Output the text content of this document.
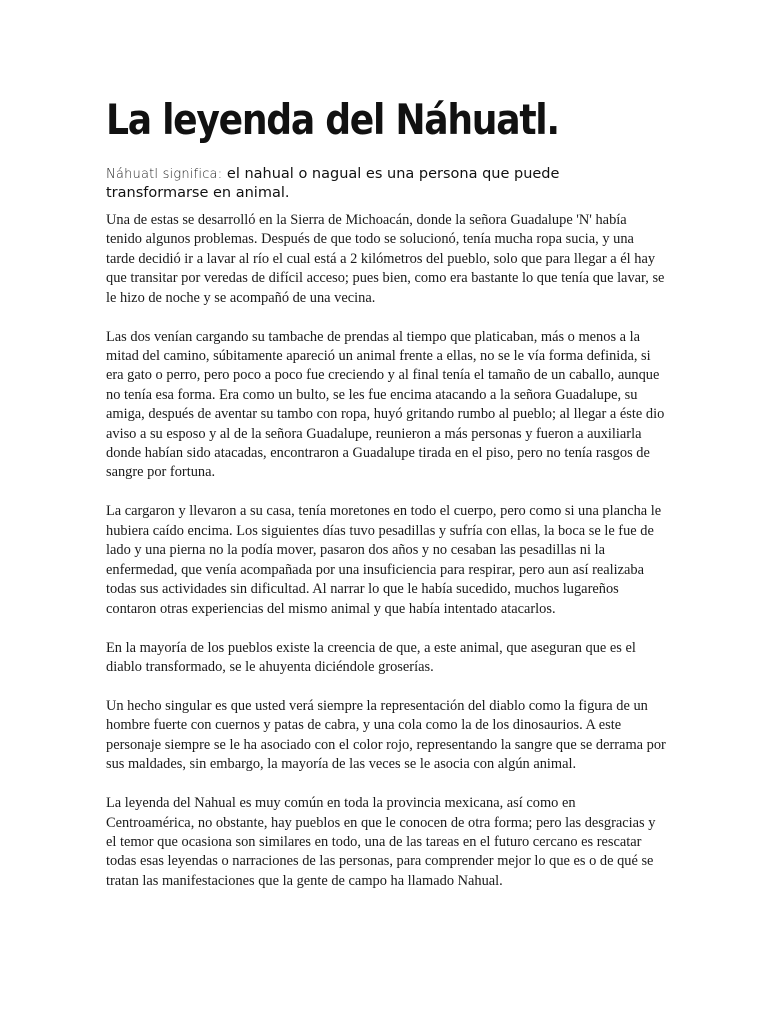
La leyenda del Náhuatl.

Náhuatl significa: el nahual o nagual es una persona que puede transformarse en animal.

Una de estas se desarrolló en la Sierra de Michoacán, donde la señora Guadalupe 'N' había tenido algunos problemas. Después de que todo se solucionó, tenía mucha ropa sucia, y una tarde decidió ir a lavar al río el cual está a 2 kilómetros del pueblo, solo que para llegar a él hay que transitar por veredas de difícil acceso; pues bien, como era bastante lo que tenía que lavar, se le hizo de noche y se acompañó de una vecina.

Las dos venían cargando su tambache de prendas al tiempo que platicaban, más o menos a la mitad del camino, súbitamente apareció un animal frente a ellas, no se le vía forma definida, si era gato o perro, pero poco a poco fue creciendo y al final tenía el tamaño de un caballo, aunque no tenía esa forma. Era como un bulto, se les fue encima atacando a la señora Guadalupe, su amiga, después de aventar su tambo con ropa, huyó gritando rumbo al pueblo; al llegar a éste dio aviso a su esposo y al de la señora Guadalupe, reunieron a más personas y fueron a auxiliarla donde habían sido atacadas, encontraron a Guadalupe tirada en el piso, pero no tenía rasgos de sangre por fortuna.

La cargaron y llevaron a su casa, tenía moretones en todo el cuerpo, pero como si una plancha le hubiera caído encima. Los siguientes días tuvo pesadillas y sufría con ellas, la boca se le fue de lado y una pierna no la podía mover, pasaron dos años y no cesaban las pesadillas ni la enfermedad, que venía acompañada por una insuficiencia para respirar, pero aun así realizaba todas sus actividades sin dificultad. Al narrar lo que le había sucedido, muchos lugareños contaron otras experiencias del mismo animal y que había intentado atacarlos.

En la mayoría de los pueblos existe la creencia de que, a este animal, que aseguran que es el diablo transformado, se le ahuyenta diciéndole groserías.

Un hecho singular es que usted verá siempre la representación del diablo como la figura de un hombre fuerte con cuernos y patas de cabra, y una cola como la de los dinosaurios. A este personaje siempre se le ha asociado con el color rojo, representando la sangre que se derrama por sus maldades, sin embargo, la mayoría de las veces se le asocia con algún animal.

La leyenda del Nahual es muy común en toda la provincia mexicana, así como en Centroamérica, no obstante, hay pueblos en que le conocen de otra forma; pero las desgracias y el temor que ocasiona son similares en todo, una de las tareas en el futuro cercano es rescatar todas esas leyendas o narraciones de las personas, para comprender mejor lo que es o de qué se tratan las manifestaciones que la gente de campo ha llamado Nahual.
